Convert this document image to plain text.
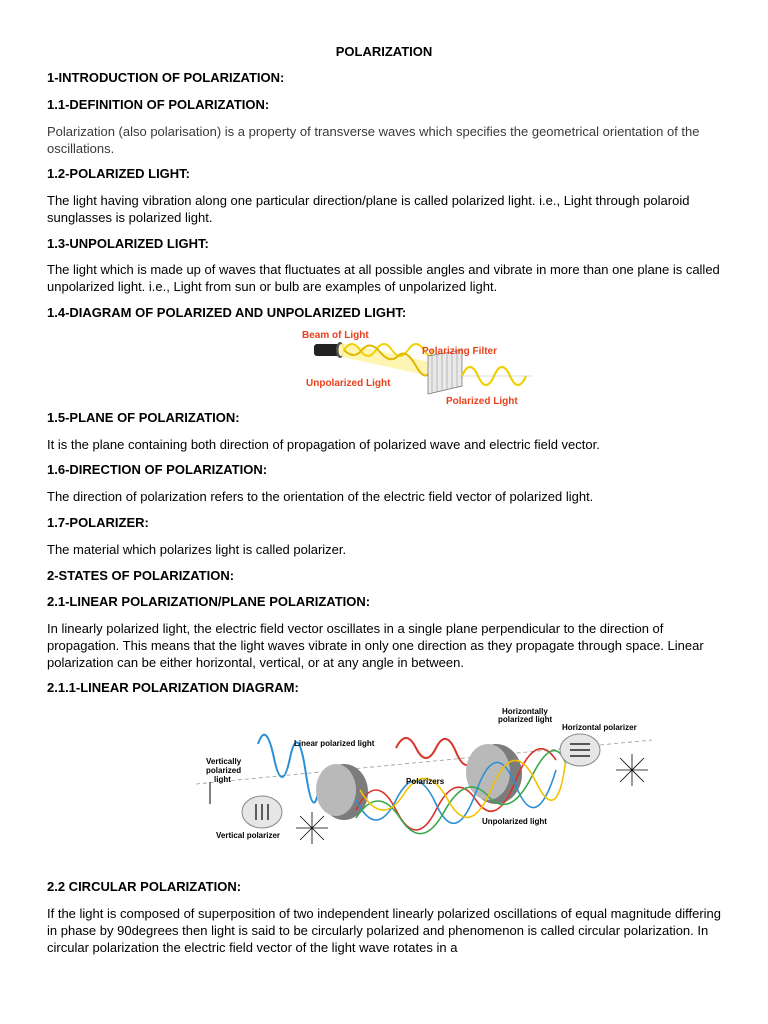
POLARIZATION
1-INTRODUCTION OF POLARIZATION:
1.1-DEFINITION OF POLARIZATION:
Polarization (also polarisation) is a property of transverse waves which specifies the geometrical orientation of the oscillations.
1.2-POLARIZED LIGHT:
The light having vibration along one particular direction/plane is called polarized light. i.e., Light through polaroid sunglasses is polarized light.
1.3-UNPOLARIZED LIGHT:
The light which is made up of waves that fluctuates at all possible angles and vibrate in more than one plane is called unpolarized light. i.e., Light from sun or bulb are examples of unpolarized light.
1.4-DIAGRAM OF POLARIZED AND UNPOLARIZED LIGHT:
1.5-PLANE OF POLARIZATION:
It is the plane containing both direction of propagation of polarized wave and electric field vector.
1.6-DIRECTION OF POLARIZATION:
The direction of polarization refers to the orientation of the electric field vector of polarized light.
1.7-POLARIZER:
The material which polarizes light is called polarizer.
2-STATES OF POLARIZATION:
2.1-LINEAR POLARIZATION/PLANE POLARIZATION:
In linearly polarized light, the electric field vector oscillates in a single plane perpendicular to the direction of propagation. This means that the light waves vibrate in only one direction as they propagate through space. Linear polarization can be either horizontal, vertical, or at any angle in between.
2.1.1-LINEAR POLARIZATION DIAGRAM:
2.2 CIRCULAR POLARIZATION:
If the light is composed of superposition of two independent linearly polarized oscillations of equal magnitude differing in phase by 90degrees then light is said to be circularly polarized and phenomenon is called circular polarization. In circular polarization the electric field vector of the light wave rotates in a
Beam of Light
Polarizing Filter
Unpolarized Light
Polarized Light
Horizontally
polarized light
Horizontal polarizer
Linear polarized light
Vertically
polarized
light	Polarizers
Unpolarized light
Vertical polarizer
